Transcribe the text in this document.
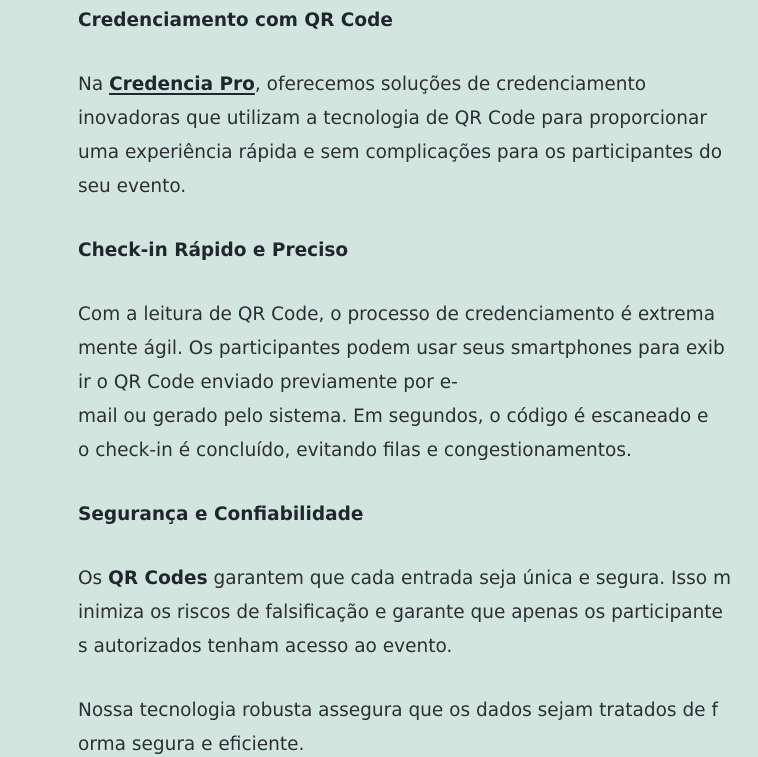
Credenciamento com QR Code
Na Credencia Pro, oferecemos soluções de credenciamento
inovadoras que utilizam a tecnologia de QR Code para proporcionar
uma experiência rápida e sem complicações para os participantes do
seu evento.
Check-in Rápido e Preciso
Com a leitura de QR Code, o processo de credenciamento é extrema
mente ágil. Os participantes podem usar seus smartphones para exib
ir o QR Code enviado previamente por e-
mail ou gerado pelo sistema. Em segundos, o código é escaneado e
o check-in é concluído, evitando filas e congestionamentos.
Segurança e Confiabilidade
Os QR Codes garantem que cada entrada seja única e segura. Isso m
inimiza os riscos de falsificação e garante que apenas os participante
s autorizados tenham acesso ao evento.
Nossa tecnologia robusta assegura que os dados sejam tratados de f
orma segura e eficiente.
